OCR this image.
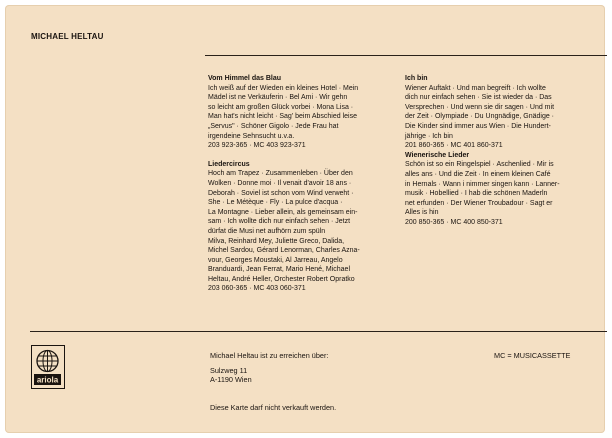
MICHAEL HELTAU
Vom Himmel das Blau
Ich weiß auf der Wieden ein kleines Hotel · Mein
Mädel ist ne Verkäuferin · Bel Ami · Wir gehn
so leicht am großen Glück vorbei · Mona Lisa ·
Man hat's nicht leicht · Sag' beim Abschied leise
„Servus" · Schöner Gigolo · Jede Frau hat
irgendeine Sehnsucht u.v.a.
203 923-365 · MC 403 923-371
Liedercircus
Hoch am Trapez · Zusammenleben · Über den
Wolken · Donne moi · Il venait d'avoir 18 ans ·
Deborah · Soviel ist schon vom Wind verweht ·
She · Le Métèque · Fly · La pulce d'acqua ·
La Montagne · Lieber allein, als gemeinsam ein-
sam · Ich wollte dich nur einfach sehen · Jetzt
dürfat die Musi net aufhörn zum spüln
Milva, Reinhard Mey, Juliette Greco, Dalida,
Michel Sardou, Gérard Lenorman, Charles Azna-
vour, Georges Moustaki, Al Jarreau, Angelo
Branduardi, Jean Ferrat, Mario Hené, Michael
Heltau, André Heller, Orchester Robert Opratko
203 060-365 · MC 403 060-371
Ich bin
Wiener Auftakt · Und man begreift · Ich wollte
dich nur einfach sehen · Sie ist wieder da · Das
Versprechen · Und wenn sie dir sagen · Und mit
der Zeit · Olympiade · Du Ungnädige, Gnädige ·
Die Kinder sind immer aus Wien · Die Hundert-
jährige · Ich bin
201 860-365 · MC 401 860-371
Wienerische Lieder
Schön ist so ein Ringelspiel · Aschenlied · Mir is
alles ans · Und die Zeit · In einem kleinen Café
in Hernals · Wann i nimmer singen kann · Lanner-
musik · Hobellied · I hab die schönen Maderln
net erfunden · Der Wiener Troubadour · Sagt er
Alles is hin
200 850-365 · MC 400 850-371
ariola
Michael Heltau ist zu erreichen über:
Sulzweg 11
A-1190 Wien
Diese Karte darf nicht verkauft werden.
MC = MUSICASSETTE
